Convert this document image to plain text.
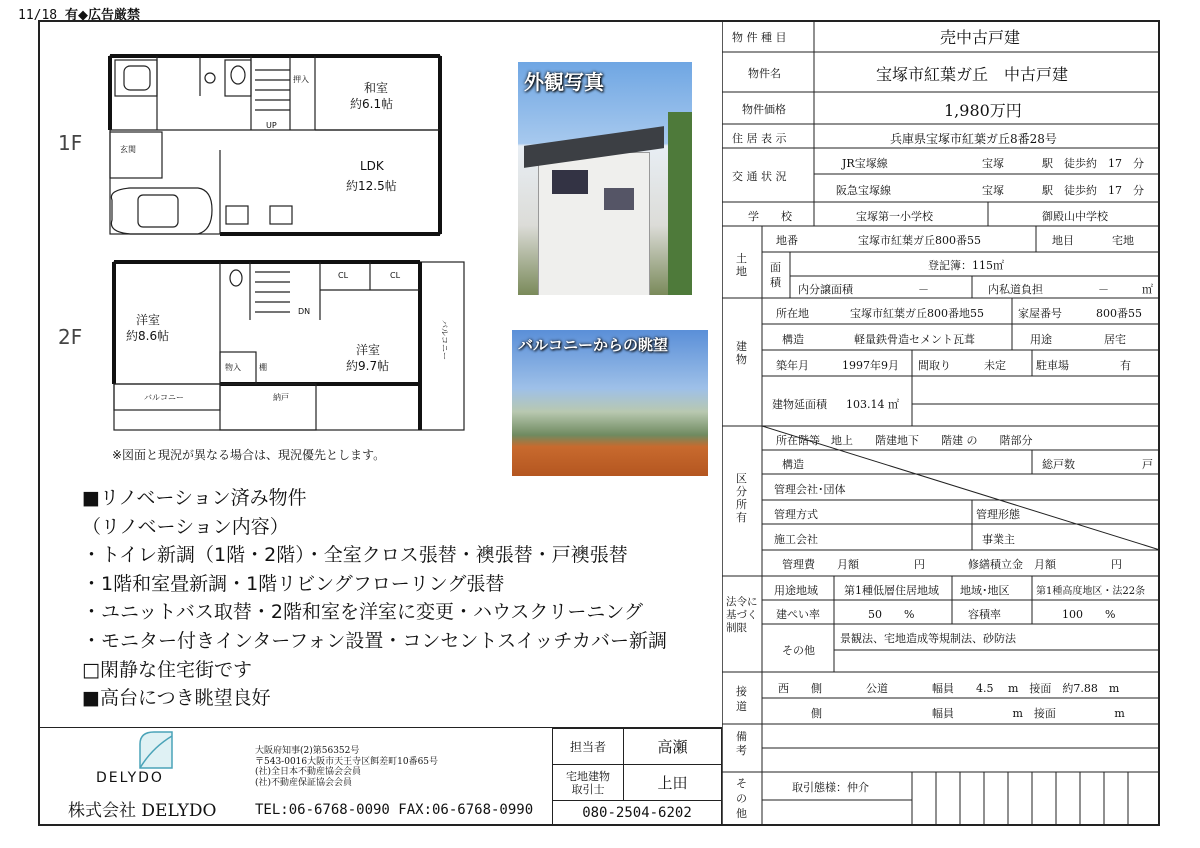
11/18 有◆広告厳禁
1F
2F
UP
押入
和室
約6.1帖
玄関
LDK
約12.5帖
洋室
約8.6帖
DN
CL	CL
洋室
約9.7帖
物入 棚
納戸
バルコニー
バルコニー
外観写真
バルコニーからの眺望
※図面と現況が異なる場合は、現況優先とします。
■リノベーション済み物件
（リノベーション内容）
・トイレ新調（1階・2階）・全室クロス張替・襖張替・戸襖張替
・1階和室畳新調・1階リビングフローリング張替
・ユニットバス取替・2階和室を洋室に変更・ハウスクリーニング
・モニター付きインターフォン設置・コンセントスイッチカバー新調
□閑静な住宅街です
■高台につき眺望良好
DELYDO
株式会社 DELYDO
大阪府知事(2)第56352号
〒543-0016大阪市天王寺区餌差町10番65号
(社)全日本不動産協会会員
(社)不動産保証協会会員
TEL:06-6768-0090 FAX:06-6768-0990
担当者	高瀬
宅地建物
取引士	上田
080-2504-6202	
物 件 種 目	売中古戸建
物件名	宝塚市紅葉ガ丘　中古戸建
物件価格	1,980万円
住 居 表 示	兵庫県宝塚市紅葉ガ丘8番28号
交 通 状 況
JR宝塚線	宝塚	駅　徒歩約　17　分
阪急宝塚線	宝塚	駅　徒歩約　17　分
学　　校	宝塚第一小学校	御殿山中学校
土地
地番	宝塚市紅葉ガ丘800番55	地目	宅地
面積
登記簿：115㎡
内分譲面積	－	内私道負担	－	㎡
建物
所在地	宝塚市紅葉ガ丘800番地55	家屋番号	800番55
構造	軽量鉄骨造セメント瓦葺	用途	居宅
築年月	1997年9月 間取り	未定	駐車場	有
建物延面積 103.14 ㎡
区分所有
所在階等　地上　　階建地下　　階建 の　　階部分
構造	総戸数	戸
管理会社･団体
管理方式	管理形態
施工会社	事業主
管理費　　月額　　　　　円	修繕積立金　月額　　　　　円
法令に基づく制限
用途地域 第1種低層住居地域 地域･地区	第1種高度地区・法22条
建ぺい率	50　　%	容積率	100　　%
その他
景観法、宅地造成等規制法、砂防法
接道
西　　側　　　　公道　　　　幅員　　4.5　 m　接面　約7.88　m
　　　側　　　　　　　　　　幅員　　　　　 m　接面　　　　　 m
備考
その他
取引態様：仲介
